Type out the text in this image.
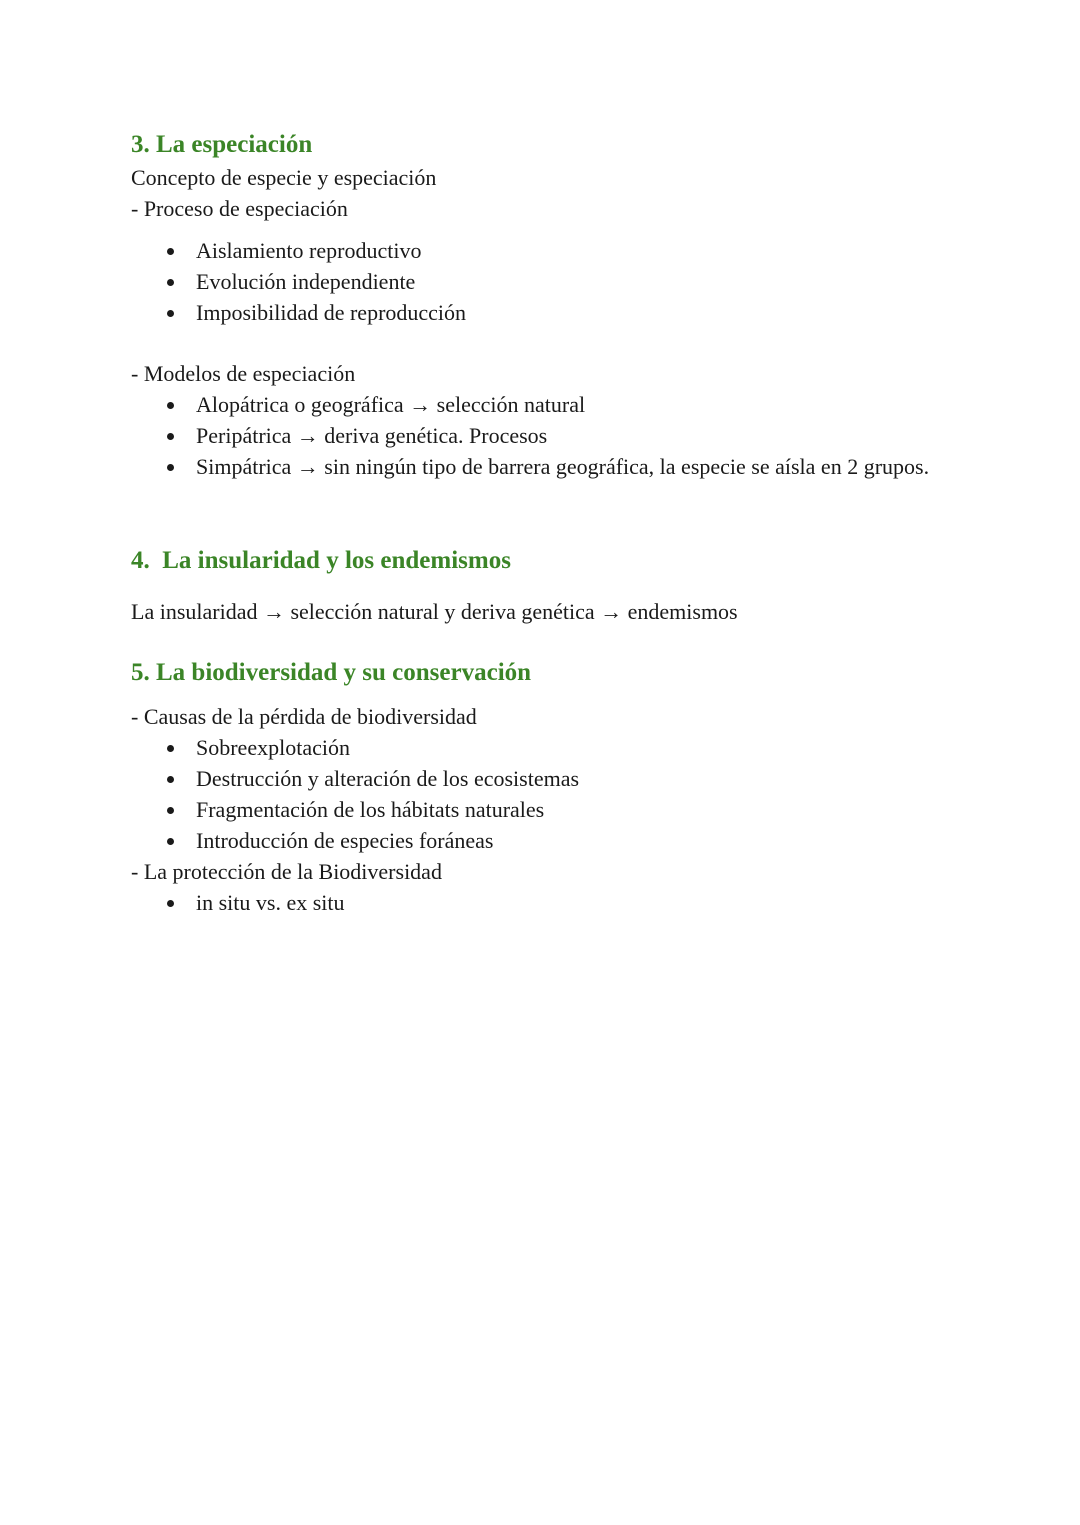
3. La especiación

Concepto de especie y especiación

- Proceso de especiación

Aislamiento reproductivo
Evolución independiente
Imposibilidad de reproducción

- Modelos de especiación

Alopátrica o geográfica → selección natural
Peripátrica → deriva genética. Procesos
Simpátrica → sin ningún tipo de barrera geográfica, la especie se aísla en 2 grupos.
4.  La insularidad y los endemismos

La insularidad → selección natural y deriva genética → endemismos

5. La biodiversidad y su conservación

- Causas de la pérdida de biodiversidad

Sobreexplotación
Destrucción y alteración de los ecosistemas
Fragmentación de los hábitats naturales
Introducción de especies foráneas

- La protección de la Biodiversidad

in situ vs. ex situ
